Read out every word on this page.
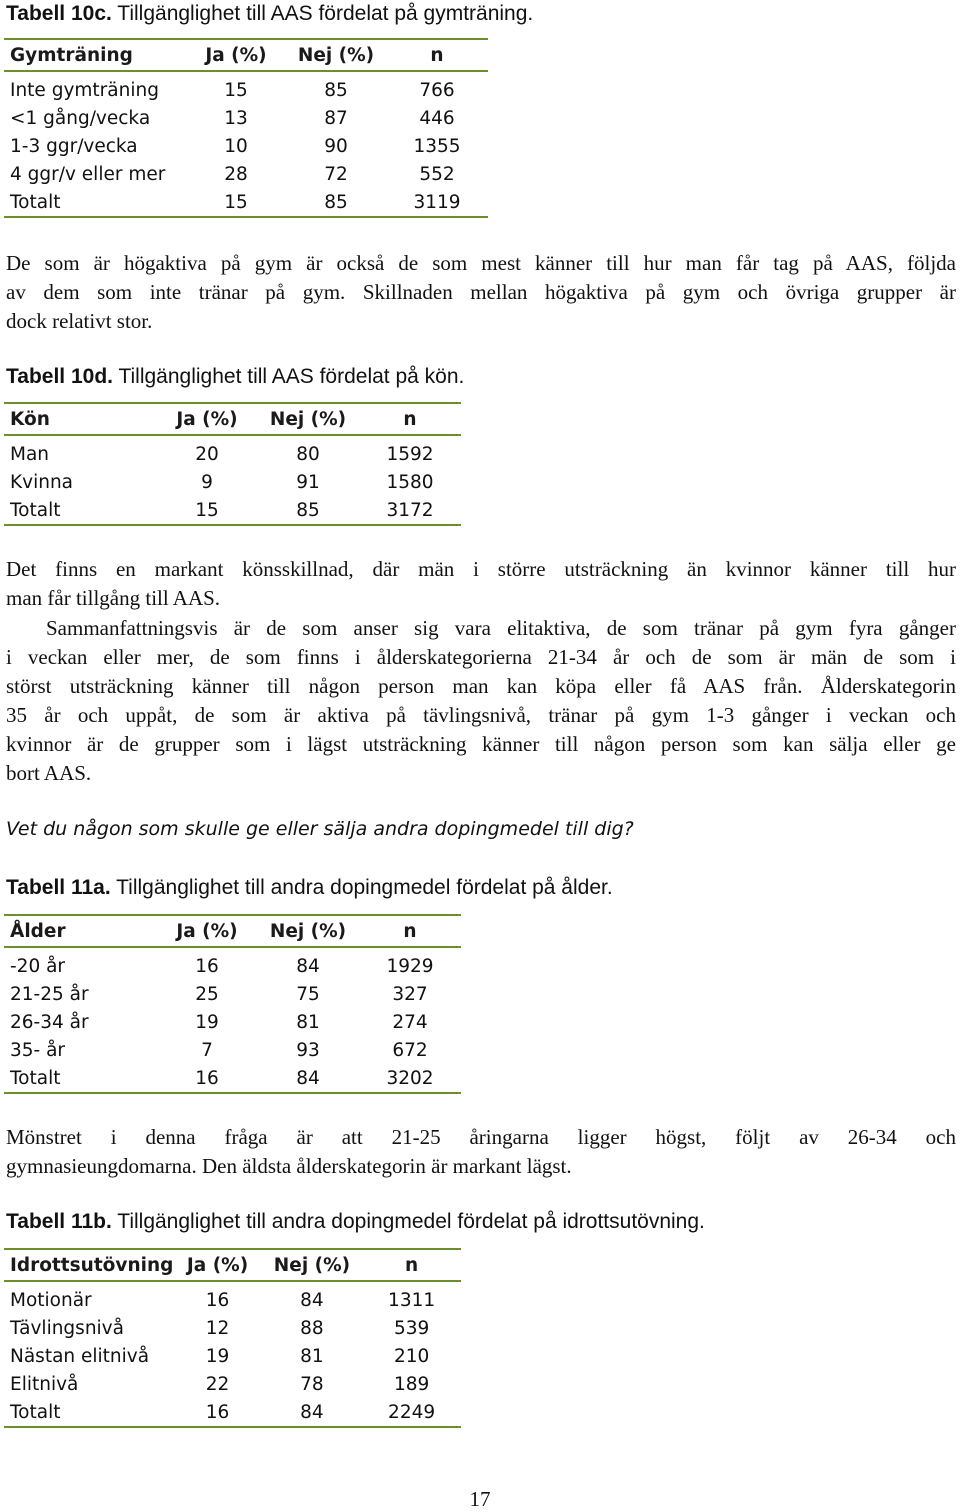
Tabell 10c. Tillgänglighet till AAS fördelat på gymträning.
Gymträning	Ja (%)	Nej (%)	n
Inte gymträning	15	85	766
<1 gång/vecka	13	87	446
1-3 ggr/vecka	10	90	1355
4 ggr/v eller mer	28	72	552
Totalt	15	85	3119
De som är högaktiva på gym är också de som mest känner till hur man får tag på AAS, följda
av dem som inte tränar på gym. Skillnaden mellan högaktiva på gym och övriga grupper är
dock relativt stor.
Tabell 10d. Tillgänglighet till AAS fördelat på kön.
Kön	Ja (%)	Nej (%)	n
Man	20	80	1592
Kvinna	9	91	1580
Totalt	15	85	3172
Det finns en markant könsskillnad, där män i större utsträckning än kvinnor känner till hur
man får tillgång till AAS.
Sammanfattningsvis är de som anser sig vara elitaktiva, de som tränar på gym fyra gånger
i veckan eller mer, de som finns i ålderskategorierna 21-34 år och de som är män de som i
störst utsträckning känner till någon person man kan köpa eller få AAS från. Ålderskategorin
35 år och uppåt, de som är aktiva på tävlingsnivå, tränar på gym 1-3 gånger i veckan och
kvinnor är de grupper som i lägst utsträckning känner till någon person som kan sälja eller ge
bort AAS.
Vet du någon som skulle ge eller sälja andra dopingmedel till dig?
Tabell 11a. Tillgänglighet till andra dopingmedel fördelat på ålder.
Ålder	Ja (%)	Nej (%)	n
-20 år	16	84	1929
21-25 år	25	75	327
26-34 år	19	81	274
35- år	7	93	672
Totalt	16	84	3202
Mönstret i denna fråga är att 21-25 åringarna ligger högst, följt av 26-34 och
gymnasieungdomarna. Den äldsta ålderskategorin är markant lägst.
Tabell 11b. Tillgänglighet till andra dopingmedel fördelat på idrottsutövning.
Idrottsutövning	Ja (%)	Nej (%)	n
Motionär	16	84	1311
Tävlingsnivå	12	88	539
Nästan elitnivå	19	81	210
Elitnivå	22	78	189
Totalt	16	84	2249
17
